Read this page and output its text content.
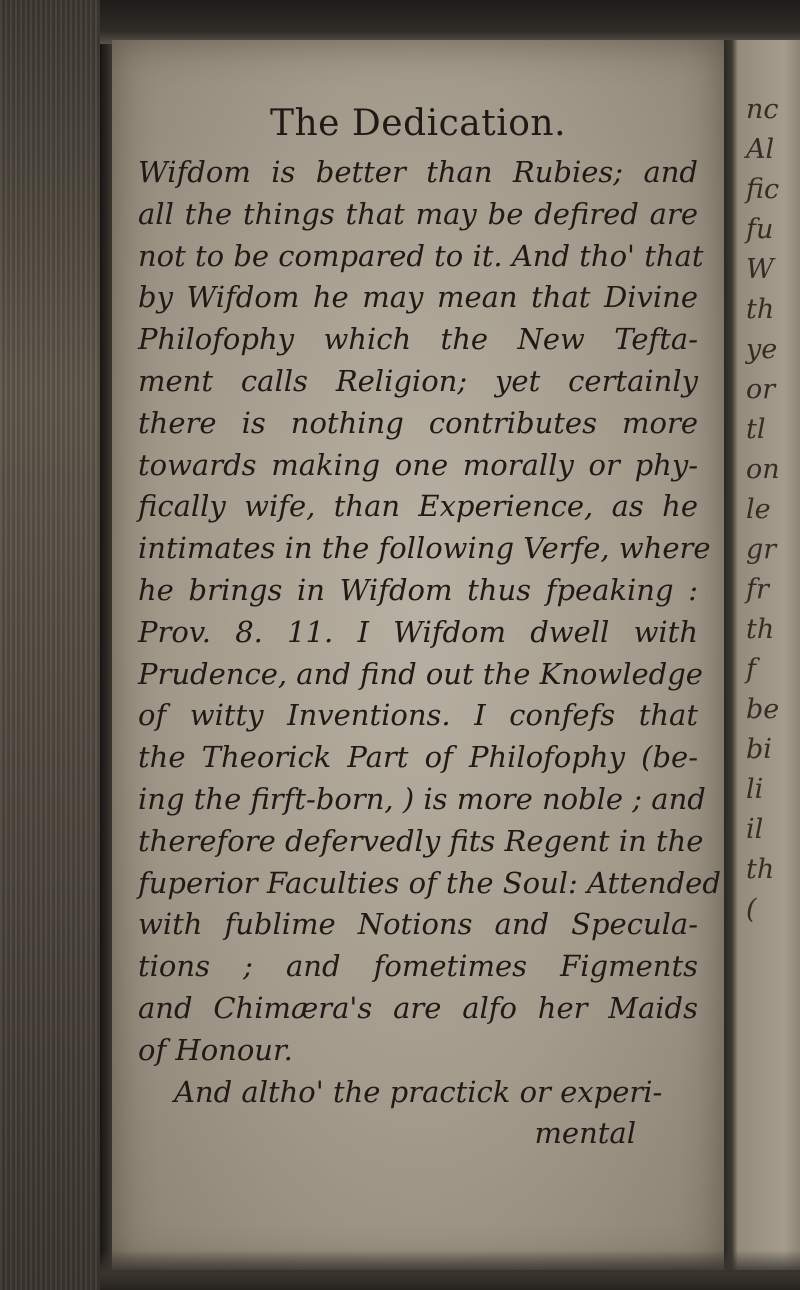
nc
Al
fic
fu
W
th
ye
or
tl
on
le
gr
fr
th
f
be
bi
li
il
th
(
The Dedication.
Wifdom is better than Rubies; and
all the things that may be defired are
not to be compared to it. And tho' that
by Wifdom he may mean that Divine
Philofophy which the New Tefta-
ment calls Religion; yet certainly
there is nothing contributes more
towards making one morally or phy-
fically wife, than Experience, as he
intimates in the following Verfe, where
he brings in Wifdom thus fpeaking :
Prov. 8. 11. I Wifdom dwell with
Prudence, and find out the Knowledge
of witty Inventions. I confefs that
the Theorick Part of Philofophy (be-
ing the firft-born, ) is more noble ; and
therefore defervedly fits Regent in the
fuperior Faculties of the Soul: Attended
with fublime Notions and Specula-
tions ; and fometimes Figments
and Chimæra's are alfo her Maids
of Honour.
And altho' the practick or experi-
mental
